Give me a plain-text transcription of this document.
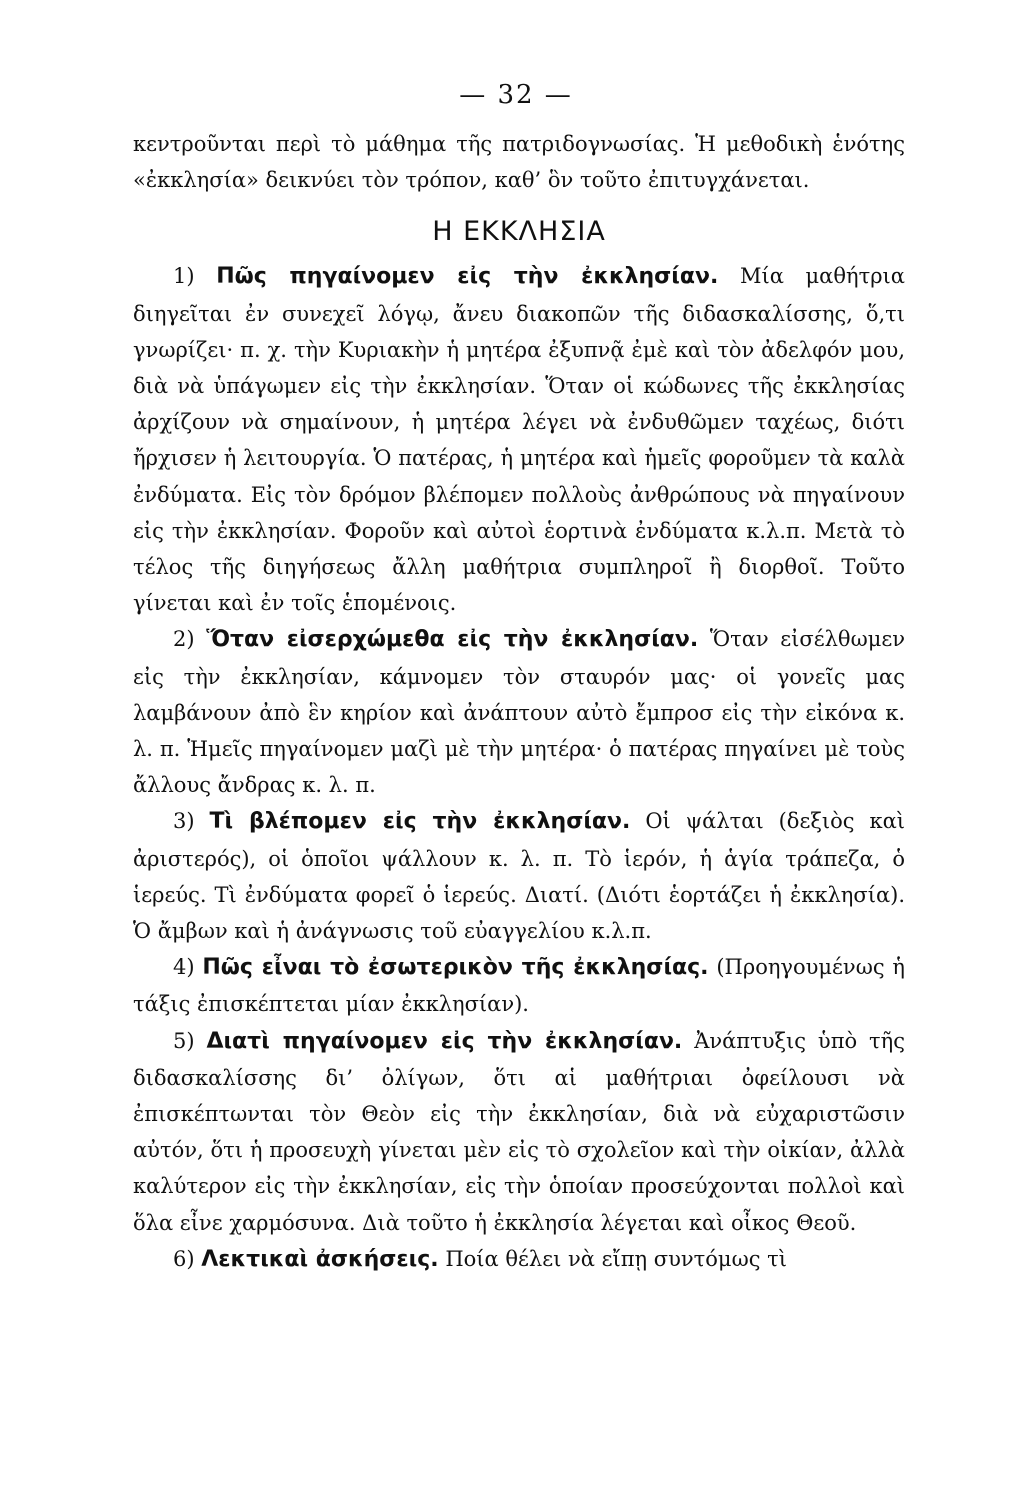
— 32 —

κεντροῦνται περὶ τὸ μάθημα τῆς πατριδογνωσίας. Ἡ μεθοδικὴ ἑνότης «ἐκκλησία» δεικνύει τὸν τρόπον, καθ’ ὃν τοῦτο ἐπιτυγχάνεται.

Η ΕΚΚΛΗΣΙΑ

1) Πῶς πηγαίνομεν εἰς τὴν ἐκκλησίαν. Μία μαθήτρια διηγεῖται ἐν συνεχεῖ λόγῳ, ἄνευ διακοπῶν τῆς διδασκαλίσσης, ὅ,τι γνωρίζει· π. χ. τὴν Κυριακὴν ἡ μητέρα ἐξυπνᾷ ἐμὲ καὶ τὸν ἀδελφόν μου, διὰ νὰ ὑπάγωμεν εἰς τὴν ἐκκλησίαν. Ὅταν οἱ κώδωνες τῆς ἐκκλησίας ἀρχίζουν νὰ σημαίνουν, ἡ μητέρα λέγει νὰ ἐνδυθῶμεν ταχέως, διότι ἤρχισεν ἡ λειτουργία. Ὁ πατέρας, ἡ μητέρα καὶ ἡμεῖς φοροῦμεν τὰ καλὰ ἐνδύματα. Εἰς τὸν δρόμον βλέπομεν πολλοὺς ἀνθρώπους νὰ πηγαίνουν εἰς τὴν ἐκκλησίαν. Φοροῦν καὶ αὐτοὶ ἑορτινὰ ἐνδύματα κ.λ.π. Μετὰ τὸ τέλος τῆς διηγήσεως ἄλλη μαθήτρια συμπληροῖ ἢ διορθοῖ. Τοῦτο γίνεται καὶ ἐν τοῖς ἑπομένοις.

2) Ὅταν εἰσερχώμεθα εἰς τὴν ἐκκλησίαν. Ὅταν εἰσέλθωμεν εἰς τὴν ἐκκλησίαν, κάμνομεν τὸν σταυρόν μας· οἱ γονεῖς μας λαμβάνουν ἀπὸ ἓν κηρίον καὶ ἀνάπτουν αὐτὸ ἔμπροσ εἰς τὴν εἰκόνα κ. λ. π. Ἡμεῖς πηγαίνομεν μαζὶ μὲ τὴν μητέρα· ὁ πατέρας πηγαίνει μὲ τοὺς ἄλλους ἄνδρας κ. λ. π.

3) Τὶ βλέπομεν εἰς τὴν ἐκκλησίαν. Οἱ ψάλται (δεξιὸς καὶ ἀριστερός), οἱ ὁποῖοι ψάλλουν κ. λ. π. Τὸ ἱερόν, ἡ ἁγία τράπεζα, ὁ ἱερεύς. Τὶ ἐνδύματα φορεῖ ὁ ἱερεύς. Διατί. (Διότι ἑορτάζει ἡ ἐκκλησία). Ὁ ἄμβων καὶ ἡ ἀνάγνωσις τοῦ εὐαγγελίου κ.λ.π.

4) Πῶς εἶναι τὸ ἐσωτερικὸν τῆς ἐκκλησίας. (Προηγουμένως ἡ τάξις ἐπισκέπτεται μίαν ἐκκλησίαν).

5) Διατὶ πηγαίνομεν εἰς τὴν ἐκκλησίαν. Ἀνάπτυξις ὑπὸ τῆς διδασκαλίσσης δι’ ὀλίγων, ὅτι αἱ μαθήτριαι ὀφείλουσι νὰ ἐπισκέπτωνται τὸν Θεὸν εἰς τὴν ἐκκλησίαν, διὰ νὰ εὐχαριστῶσιν αὐτόν, ὅτι ἡ προσευχὴ γίνεται μὲν εἰς τὸ σχολεῖον καὶ τὴν οἰκίαν, ἀλλὰ καλύτερον εἰς τὴν ἐκκλησίαν, εἰς τὴν ὁποίαν προσεύχονται πολλοὶ καὶ ὅλα εἶνε χαρμόσυνα. Διὰ τοῦτο ἡ ἐκκλησία λέγεται καὶ οἶκος Θεοῦ.

6) Λεκτικαὶ ἀσκήσεις. Ποία θέλει νὰ εἴπῃ συντόμως τὶ
